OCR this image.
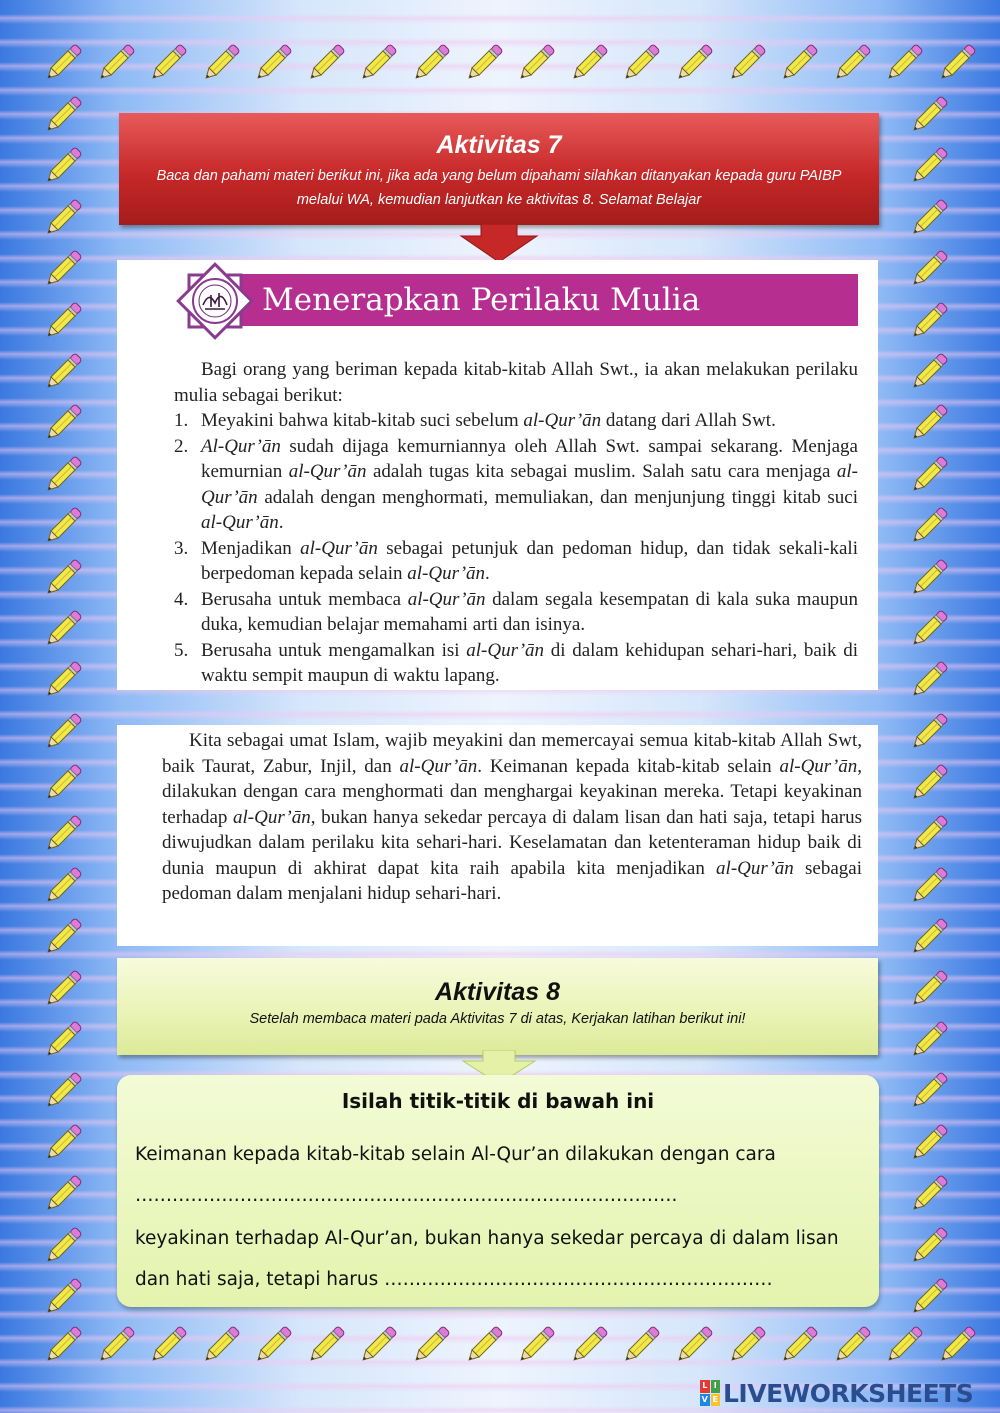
Aktivitas 7
Baca dan pahami materi berikut ini, jika ada yang belum dipahami silahkan ditanyakan kepada guru PAIBP melalui WA, kemudian lanjutkan ke aktivitas 8. Selamat Belajar
Menerapkan Perilaku Mulia
Bagi orang yang beriman kepada kitab-kitab Allah Swt., ia akan melakukan perilaku mulia sebagai berikut:
1. Meyakini bahwa kitab-kitab suci sebelum al-Qur’ān datang dari Allah Swt.
2. Al-Qur’ān sudah dijaga kemurniannya oleh Allah Swt. sampai sekarang. Menjaga kemurnian al-Qur’ān adalah tugas kita sebagai muslim. Salah satu cara menjaga al-Qur’ān adalah dengan menghormati, memuliakan, dan menjunjung tinggi kitab suci al-Qur’ān.
3. Menjadikan al-Qur’ān sebagai petunjuk dan pedoman hidup, dan tidak sekali-kali berpedoman kepada selain al-Qur’ān.
4. Berusaha untuk membaca al-Qur’ān dalam segala kesempatan di kala suka maupun duka, kemudian belajar memahami arti dan isinya.
5. Berusaha untuk mengamalkan isi al-Qur’ān di dalam kehidupan sehari-hari, baik di waktu sempit maupun di waktu lapang.
Kita sebagai umat Islam, wajib meyakini dan memercayai semua kitab-kitab Allah Swt, baik Taurat, Zabur, Injil, dan al-Qur’ān. Keimanan kepada kitab-kitab selain al-Qur’ān, dilakukan dengan cara menghormati dan menghargai keyakinan mereka. Tetapi keyakinan terhadap al-Qur’ān, bukan hanya sekedar percaya di dalam lisan dan hati saja, tetapi harus diwujudkan dalam perilaku kita sehari-hari. Keselamatan dan ketenteraman hidup baik di dunia maupun di akhirat dapat kita raih apabila kita menjadikan al-Qur’ān sebagai pedoman dalam menjalani hidup sehari-hari.
Aktivitas 8
Setelah membaca materi pada Aktivitas 7 di atas, Kerjakan latihan berikut ini!
Isilah titik-titik di bawah ini
Keimanan kepada kitab-kitab selain Al-Qur’an dilakukan dengan cara
…………………………………………………………………………….
keyakinan terhadap Al-Qur’an, bukan hanya sekedar percaya di dalam lisan
dan hati saja, tetapi harus ………………………………………………………
L I
V E LIVEWORKSHEETS
